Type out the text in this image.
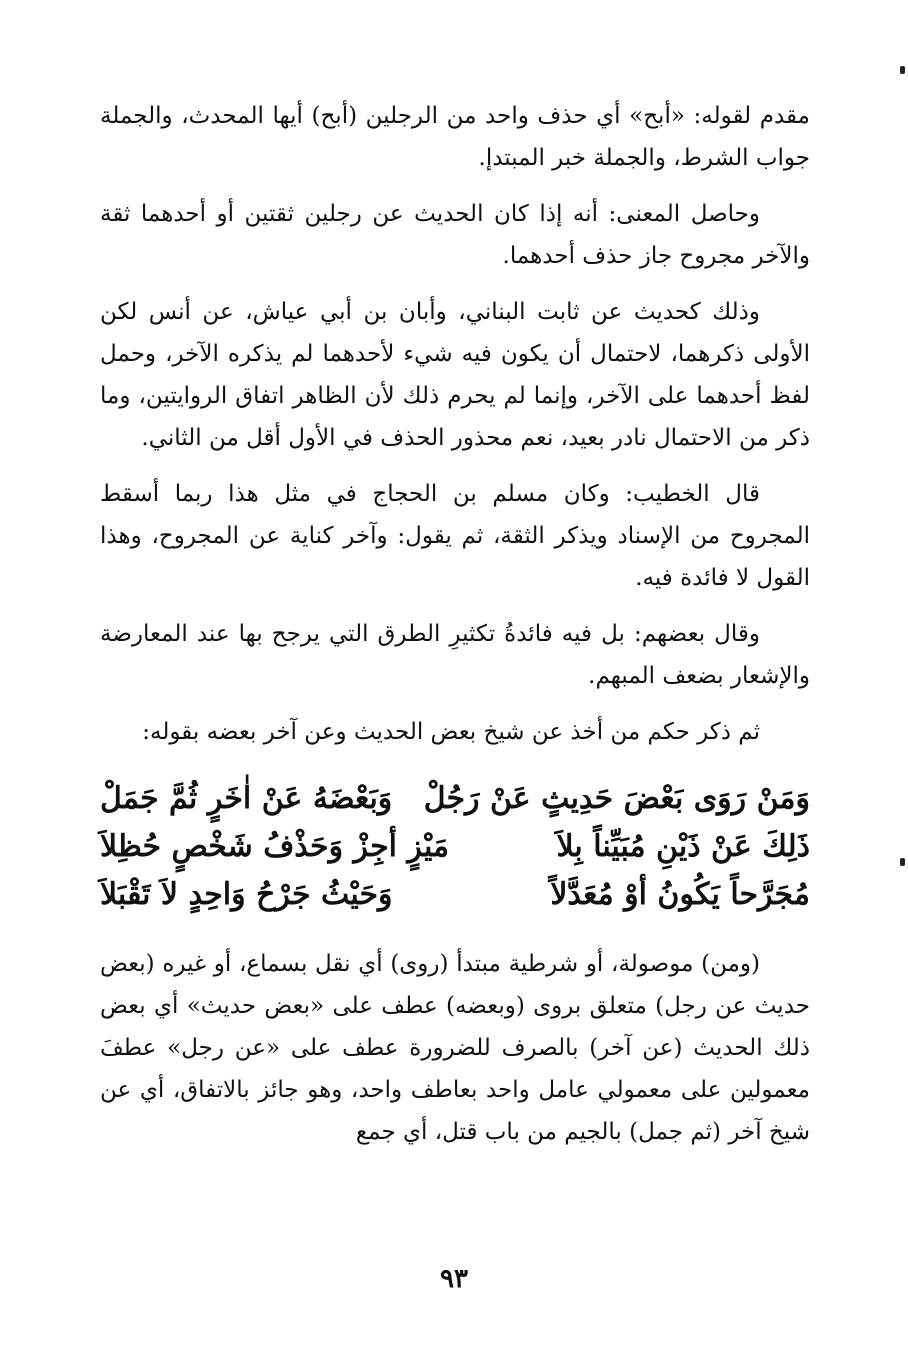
مقدم لقوله: «أبح» أي حذف واحد من الرجلين (أبح) أيها المحدث، والجملة جواب الشرط، والجملة خبر المبتدإ.

وحاصل المعنى: أنه إذا كان الحديث عن رجلين ثقتين أو أحدهما ثقة والآخر مجروح جاز حذف أحدهما.

وذلك كحديث عن ثابت البناني، وأبان بن أبي عياش، عن أنس لكن الأولى ذكرهما، لاحتمال أن يكون فيه شيء لأحدهما لم يذكره الآخر، وحمل لفظ أحدهما على الآخر، وإنما لم يحرم ذلك لأن الظاهر اتفاق الروايتين، وما ذكر من الاحتمال نادر بعيد، نعم محذور الحذف في الأول أقل من الثاني.

قال الخطيب: وكان مسلم بن الحجاج في مثل هذا ربما أسقط المجروح من الإسناد ويذكر الثقة، ثم يقول: وآخر كناية عن المجروح، وهذا القول لا فائدة فيه.

وقال بعضهم: بل فيه فائدةُ تكثيرِ الطرق التي يرجح بها عند المعارضة والإشعار بضعف المبهم.

ثم ذكر حكم من أخذ عن شيخ بعض الحديث وعن آخر بعضه بقوله:

وَمَنْ رَوَى بَعْضَ حَدِيثٍ عَنْ رَجُلْ
وَبَعْضَهُ عَنْ اٰخَرٍ ثُمَّ جَمَلْ
ذَلِكَ عَنْ ذَيْنِ مُبَيِّناً بِلاَ
مَيْزٍ أجِزْ وَحَذْفُ شَخْصٍ حُظِلاَ
مُجَرَّحاً يَكُونُ أوْ مُعَدَّلاً
وَحَيْثُ جَرْحُ وَاحِدٍ لاَ تَقْبَلاَ

(ومن) موصولة، أو شرطية مبتدأ (روى) أي نقل بسماع، أو غيره (بعض حديث عن رجل) متعلق بروى (وبعضه) عطف على «بعض حديث» أي بعض ذلك الحديث (عن آخر) بالصرف للضرورة عطف على «عن رجل» عطفَ معمولين على معمولي عامل واحد بعاطف واحد، وهو جائز بالاتفاق، أي عن شيخ آخر (ثم جمل) بالجيم من باب قتل، أي جمع

٩٣
